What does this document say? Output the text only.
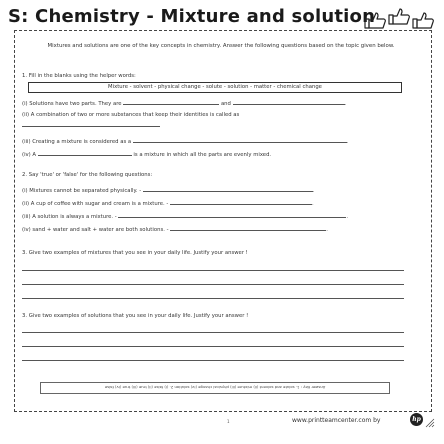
S: Chemistry - Mixture and solution
Mixtures and solutions are one of the key concepts in chemistry. Answer the following questions based on the topic given below.
1. Fill in the blanks using the helper words:
Mixture - solvent - physical change - solute - solution - matter - chemical change
(i) Solutions have two parts. They are	and	.
(ii) A combination of two or more substances that keep their identities is called as
(iii) Creating a mixture is considered as a	.
(iv) A	is a mixture in which all the parts are evenly mixed.
2. Say 'true' or 'false' for the following questions:
(i) Mixtures cannot be separated physically. -	.
(ii) A cup of coffee with sugar and cream is a mixture. -	.
(iii) A solution is always a mixture. -	.
(iv) sand + water and salt + water are both solutions. -	.
3. Give two examples of mixtures that you see in your daily life. Justify your answer !
3. Give two examples of solutions that you see in your daily life. Justify your answer !
Answer Key : 1. solute and solvent (ii) mixture (iii) physical change (iv) solution 2. (i) false (ii) true (iii) true (iv) false
1	www.printteamcenter.com by	hp
